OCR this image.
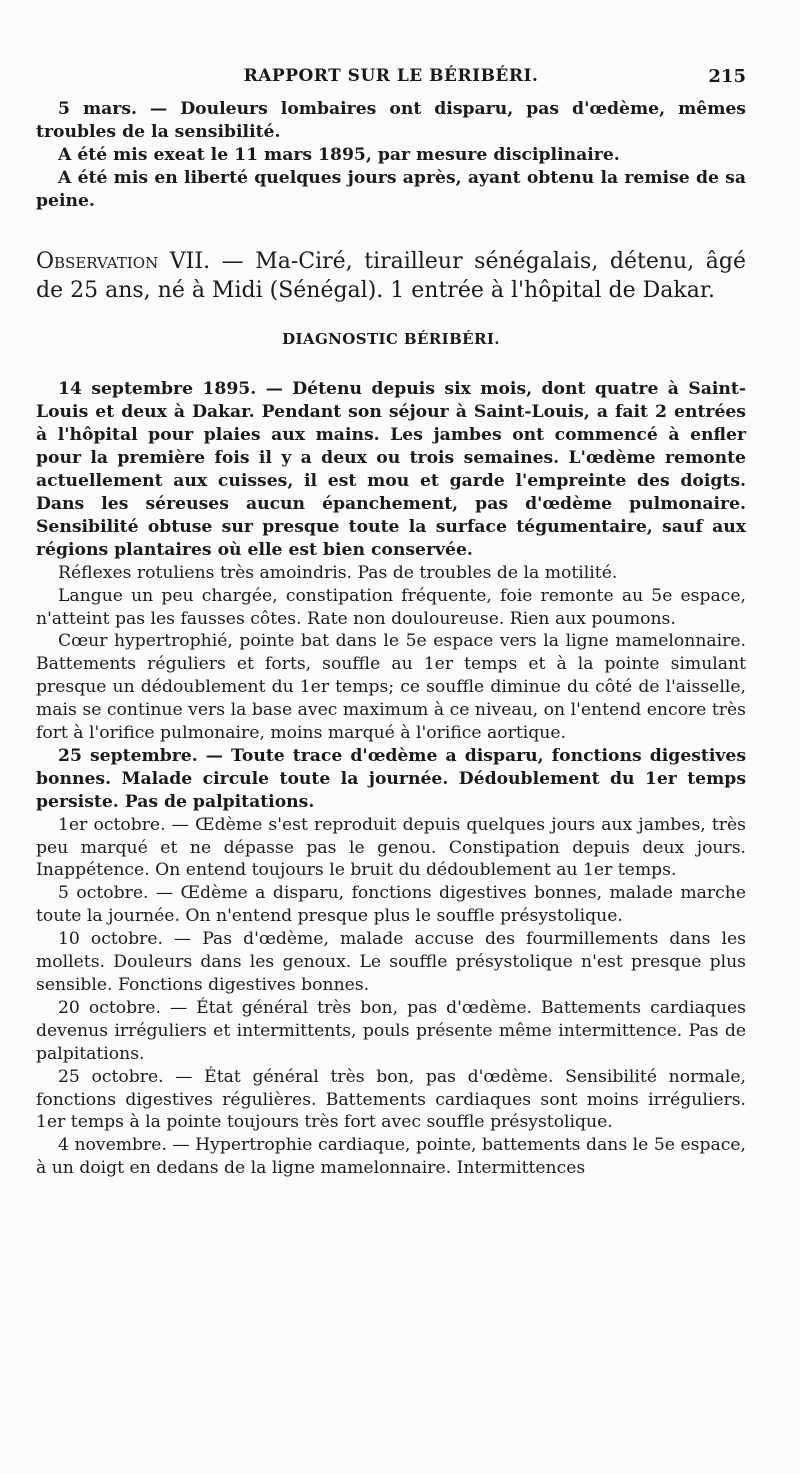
RAPPORT SUR LE BÉRIBÉRI.	215

5 mars. — Douleurs lombaires ont disparu, pas d'œdème, mêmes troubles de la sensibilité.

A été mis exeat le 11 mars 1895, par mesure disciplinaire.

A été mis en liberté quelques jours après, ayant obtenu la remise de sa peine.

Observation VII. — Ma-Ciré, tirailleur sénégalais, détenu, âgé de 25 ans, né à Midi (Sénégal). 1 entrée à l'hôpital de Dakar.

DIAGNOSTIC BÉRIBÉRI.

14 septembre 1895. — Détenu depuis six mois, dont quatre à Saint-Louis et deux à Dakar. Pendant son séjour à Saint-Louis, a fait 2 entrées à l'hôpital pour plaies aux mains. Les jambes ont commencé à enfler pour la première fois il y a deux ou trois semaines. L'œdème remonte actuellement aux cuisses, il est mou et garde l'empreinte des doigts. Dans les séreuses aucun épanchement, pas d'œdème pulmonaire. Sensibilité obtuse sur presque toute la surface tégumentaire, sauf aux régions plantaires où elle est bien conservée.

Réflexes rotuliens très amoindris. Pas de troubles de la motilité.

Langue un peu chargée, constipation fréquente, foie remonte au 5e espace, n'atteint pas les fausses côtes. Rate non douloureuse. Rien aux poumons.

Cœur hypertrophié, pointe bat dans le 5e espace vers la ligne mamelonnaire. Battements réguliers et forts, souffle au 1er temps et à la pointe simulant presque un dédoublement du 1er temps; ce souffle diminue du côté de l'aisselle, mais se continue vers la base avec maximum à ce niveau, on l'entend encore très fort à l'orifice pulmonaire, moins marqué à l'orifice aortique.

25 septembre. — Toute trace d'œdème a disparu, fonctions digestives bonnes. Malade circule toute la journée. Dédoublement du 1er temps persiste. Pas de palpitations.

1er octobre. — Œdème s'est reproduit depuis quelques jours aux jambes, très peu marqué et ne dépasse pas le genou. Constipation depuis deux jours. Inappétence. On entend toujours le bruit du dédoublement au 1er temps.

5 octobre. — Œdème a disparu, fonctions digestives bonnes, malade marche toute la journée. On n'entend presque plus le souffle présystolique.

10 octobre. — Pas d'œdème, malade accuse des fourmillements dans les mollets. Douleurs dans les genoux. Le souffle présystolique n'est presque plus sensible. Fonctions digestives bonnes.

20 octobre. — État général très bon, pas d'œdème. Battements cardiaques devenus irréguliers et intermittents, pouls présente même intermittence. Pas de palpitations.

25 octobre. — État général très bon, pas d'œdème. Sensibilité normale, fonctions digestives régulières. Battements cardiaques sont moins irréguliers. 1er temps à la pointe toujours très fort avec souffle présystolique.

4 novembre. — Hypertrophie cardiaque, pointe, battements dans le 5e espace, à un doigt en dedans de la ligne mamelonnaire. Intermittences
